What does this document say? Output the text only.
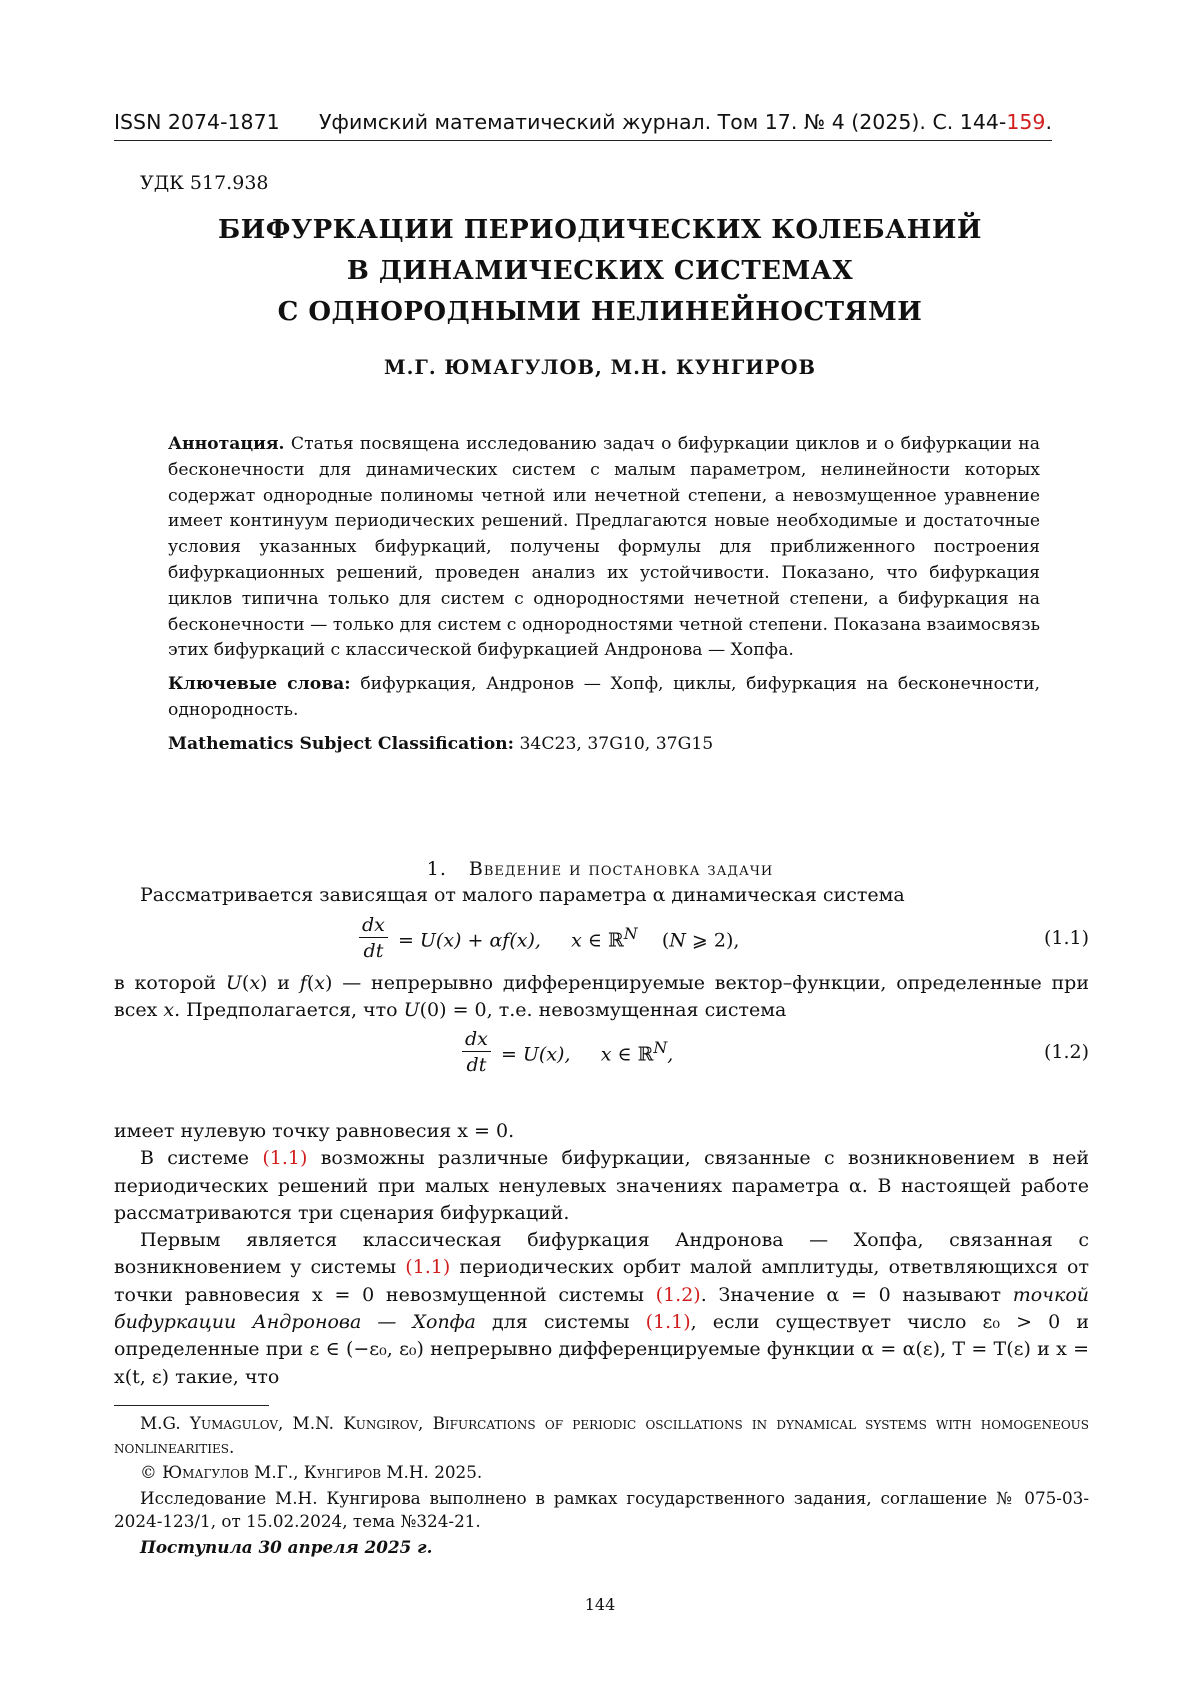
ISSN 2074-1871 Уфимский математический журнал. Том 17. № 4 (2025). С. 144-159.
УДК 517.938
БИФУРКАЦИИ ПЕРИОДИЧЕСКИХ КОЛЕБАНИЙ
В ДИНАМИЧЕСКИХ СИСТЕМАХ
С ОДНОРОДНЫМИ НЕЛИНЕЙНОСТЯМИ
М.Г. ЮМАГУЛОВ, М.Н. КУНГИРОВ

Аннотация. Статья посвящена исследованию задач о бифуркации циклов и о бифуркации на бесконечности для динамических систем с малым параметром, нелинейности которых содержат однородные полиномы четной или нечетной степени, а невозмущенное уравнение имеет континуум периодических решений. Предлагаются новые необходимые и достаточные условия указанных бифуркаций, получены формулы для приближенного построения бифуркационных решений, проведен анализ их устойчивости. Показано, что бифуркация циклов типична только для систем с однородностями нечетной степени, а бифуркация на бесконечности — только для систем с однородностями четной степени. Показана взаимосвязь этих бифуркаций с классической бифуркацией Андронова — Хопфа.

Ключевые слова: бифуркация, Андронов — Хопф, циклы, бифуркация на бесконечности, однородность.

Mathematics Subject Classification: 34C23, 37G10, 37G15

1. Введение и постановка задачи

Рассматривается зависящая от малого параметра α динамическая система

$\frac{dx}{dt} = U(x) + \alpha f(x)$,     x ∈ ℝ$^N$ (N ⩾ 2),	(1.1)

в которой U(x) и f(x) — непрерывно дифференцируемые вектор–функции, определенные при всех x. Предполагается, что U(0) = 0, т.е. невозмущенная система

$\frac{dx}{dt} = U(x)$,     x ∈ ℝ$^N$,	(1.2)

имеет нулевую точку равновесия x = 0.

В системе (1.1) возможны различные бифуркации, связанные с возникновением в ней периодических решений при малых ненулевых значениях параметра α. В настоящей работе рассматриваются три сценария бифуркаций.

Первым является классическая бифуркация Андронова — Хопфа, связанная с возникновением у системы (1.1) периодических орбит малой амплитуды, ответвляющихся от точки равновесия x = 0 невозмущенной системы (1.2). Значение α = 0 называют точкой бифуркации Андронова — Хопфа для системы (1.1), если существует число ε₀ > 0 и определенные при ε ∈ (−ε₀, ε₀) непрерывно дифференцируемые функции α = α(ε), T = T(ε) и x = x(t, ε) такие, что

M.G. Yumagulov, M.N. Kungirov, Bifurcations of periodic oscillations in dynamical systems with homogeneous nonlinearities.

© Юмагулов М.Г., Кунгиров М.Н. 2025.

Исследование М.Н. Кунгирова выполнено в рамках государственного задания, соглашение № 075-03-2024-123/1, от 15.02.2024, тема №324-21.

Поступила 30 апреля 2025 г.

144
